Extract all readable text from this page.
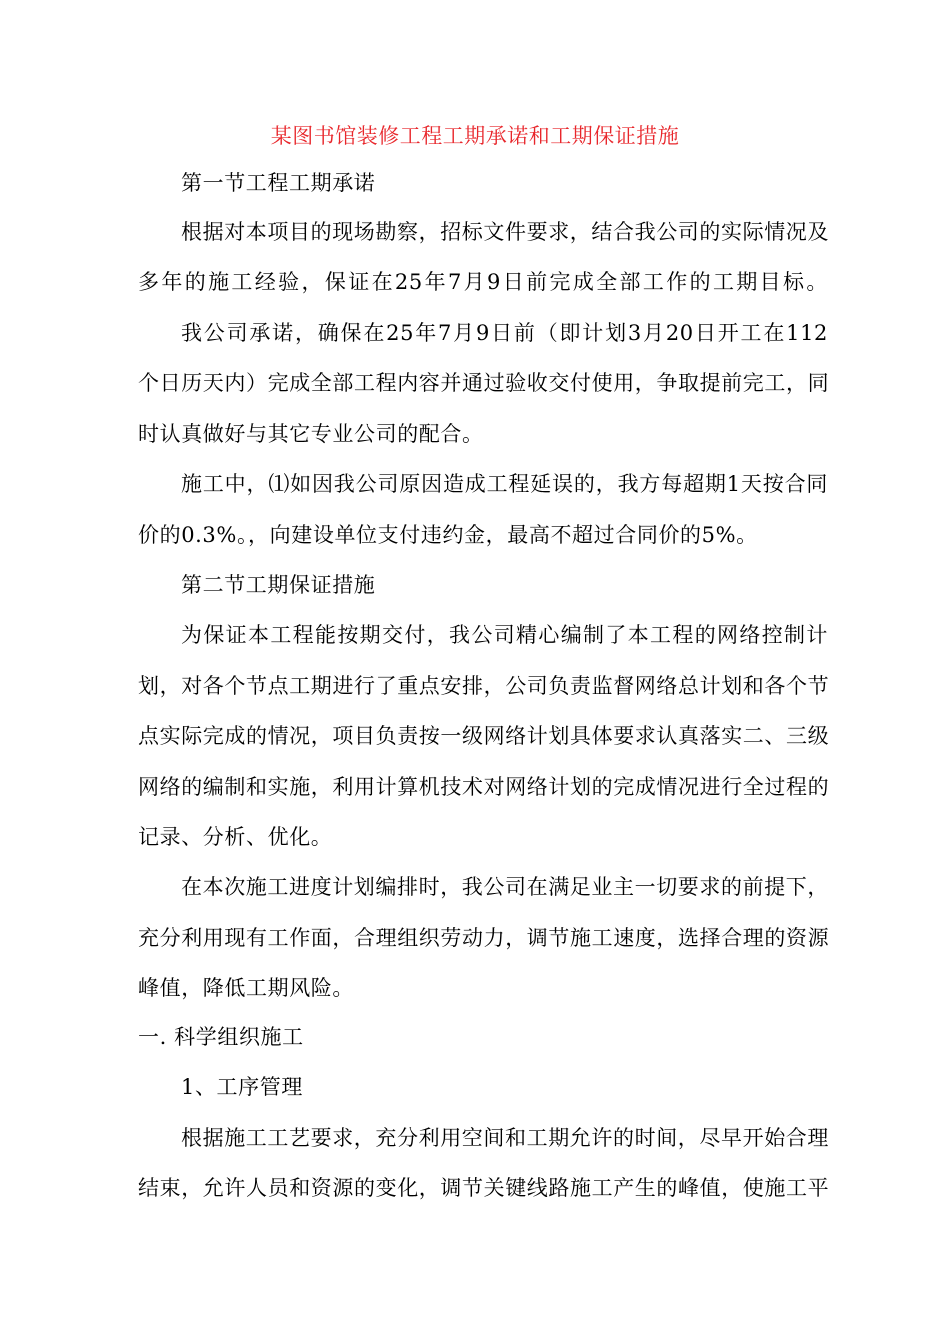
某图书馆装修工程工期承诺和工期保证措施
第一节工程工期承诺
根据对本项目的现场勘察，招标文件要求，结合我公司的实际情况及
多年的施工经验，保证在25年7月9日前完成全部工作的工期目标。
我公司承诺，确保在25年7月9日前（即计划3月20日开工在112
个日历天内）完成全部工程内容并通过验收交付使用，争取提前完工，同
时认真做好与其它专业公司的配合。
施工中，⑴如因我公司原因造成工程延误的，我方每超期1天按合同
价的0.3%。，向建设单位支付违约金，最高不超过合同价的5%。
第二节工期保证措施
为保证本工程能按期交付，我公司精心编制了本工程的网络控制计
划，对各个节点工期进行了重点安排，公司负责监督网络总计划和各个节
点实际完成的情况，项目负责按一级网络计划具体要求认真落实二、三级
网络的编制和实施，利用计算机技术对网络计划的完成情况进行全过程的
记录、分析、优化。
在本次施工进度计划编排时，我公司在满足业主一切要求的前提下，
充分利用现有工作面，合理组织劳动力，调节施工速度，选择合理的资源
峰值，降低工期风险。
一. 科学组织施工
1、工序管理
根据施工工艺要求，充分利用空间和工期允许的时间，尽早开始合理
结束，允许人员和资源的变化，调节关键线路施工产生的峰值，使施工平
